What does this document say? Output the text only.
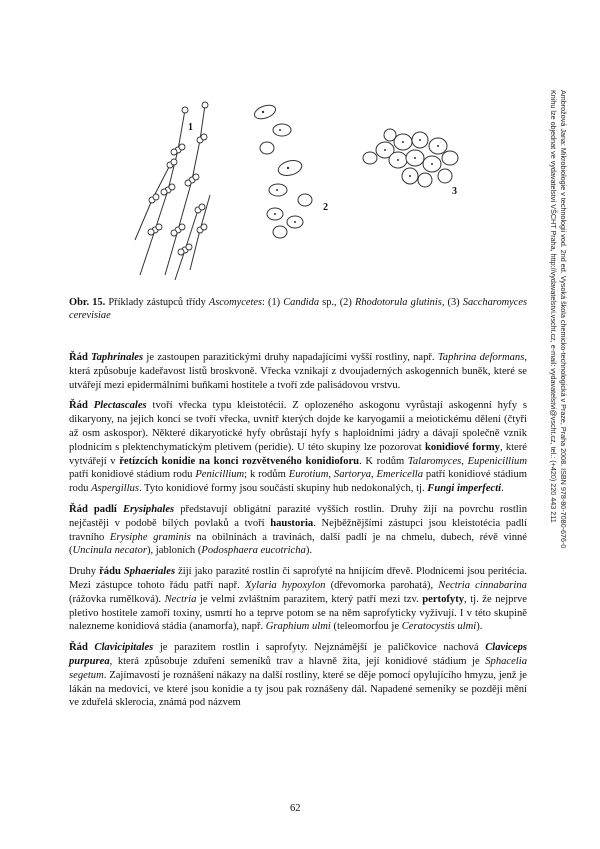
1
2
3
Obr. 15. Příklady zástupců třídy Ascomycetes: (1) Candida sp., (2) Rhodotorula glutinis, (3) Saccharomyces cerevisiae

Řád Taphrinales je zastoupen parazitickými druhy napadajícími vyšší rostliny, např. Taphrina deformans, která způsobuje kadeřavost listů broskvoně. Vřecka vznikají z dvoujaderných askogenních buněk, které se utvářejí mezi epidermálními buňkami hostitele a tvoří zde palisádovou vrstvu.

Řád Plectascales tvoří vřecka typu kleistotécií. Z oplozeného askogonu vyrůstají askogenní hyfy s dikaryony, na jejich konci se tvoří vřecka, uvnitř kterých dojde ke karyogamii a meiotickému dělení (čtyři až osm askospor). Některé dikaryotické hyfy obrůstají hyfy s haploidními jádry a dávají společně vznik plodnicím s plektenchymatickým pletivem (peridie). U této skupiny lze pozorovat konidiové formy, které vytvářejí v řetízcích konidie na konci rozvětveného konidioforu. K rodům Talaromyces, Eupenicillium patří konidiové stádium rodu Penicillium; k rodům Eurotium, Sartorya, Emericella patří konidiové stádium rodu Aspergillus. Tyto konidiové formy jsou součástí skupiny hub nedokonalých, tj. Fungi imperfecti.

Řád padlí Erysiphales představují obligátní parazité vyšších rostlin. Druhy žijí na povrchu rostlin nejčastěji v podobě bílých povlaků a tvoří haustoria. Nejběžnějšími zástupci jsou kleistotécia padlí travního Erysiphe graminis na obilninách a travinách, další padlí je na chmelu, dubech, révě vinné (Uncinula necator), jabloních (Podosphaera eucotricha).

Druhy řádu Sphaeriales žijí jako parazité rostlin či saprofyté na hnijícím dřevě. Plodnicemi jsou peritécia. Mezi zástupce tohoto řádu patří např. Xylaria hypoxylon (dřevomorka parohatá), Nectria cinnabarina (rážovka rumělková). Nectria je velmi zvláštním parazitem, který patří mezi tzv. pertofyty, tj. že nejprve pletivo hostitele zamoří toxiny, usmrtí ho a teprve potom se na něm saprofyticky vyživují. I v této skupině nalezneme konidiová stádia (anamorfa), např. Graphium ulmi (teleomorfou je Ceratocystis ulmi).

Řád Clavicipitales je parazitem rostlin i saprofyty. Nejznámější je paličkovice nachová Claviceps purpurea, která způsobuje zduření semeníků trav a hlavně žita, její konidiové stádium je Sphacelia segetum. Zajímavostí je roznášení nákazy na další rostliny, které se děje pomocí opylujícího hmyzu, jenž je lákán na medovici, ve které jsou konidie a ty jsou pak roznášeny dál. Napadené semeníky se později mění ve zduřelá sklerocia, známá pod názvem

Ambrožová Jana: Mikrobiologie v technologii vod. 2nd ed. Vysoká škola chemicko-technologická v Praze, Praha 2008. ISBN 978-80-7080-676-0
Knihu lze objednat ve vydavatelství VŠCHT Praha, http://vydavatelstvi.vscht.cz, e-mail: vydavatelstvi@vscht.cz, tel.: (+420) 220 443 211
62
